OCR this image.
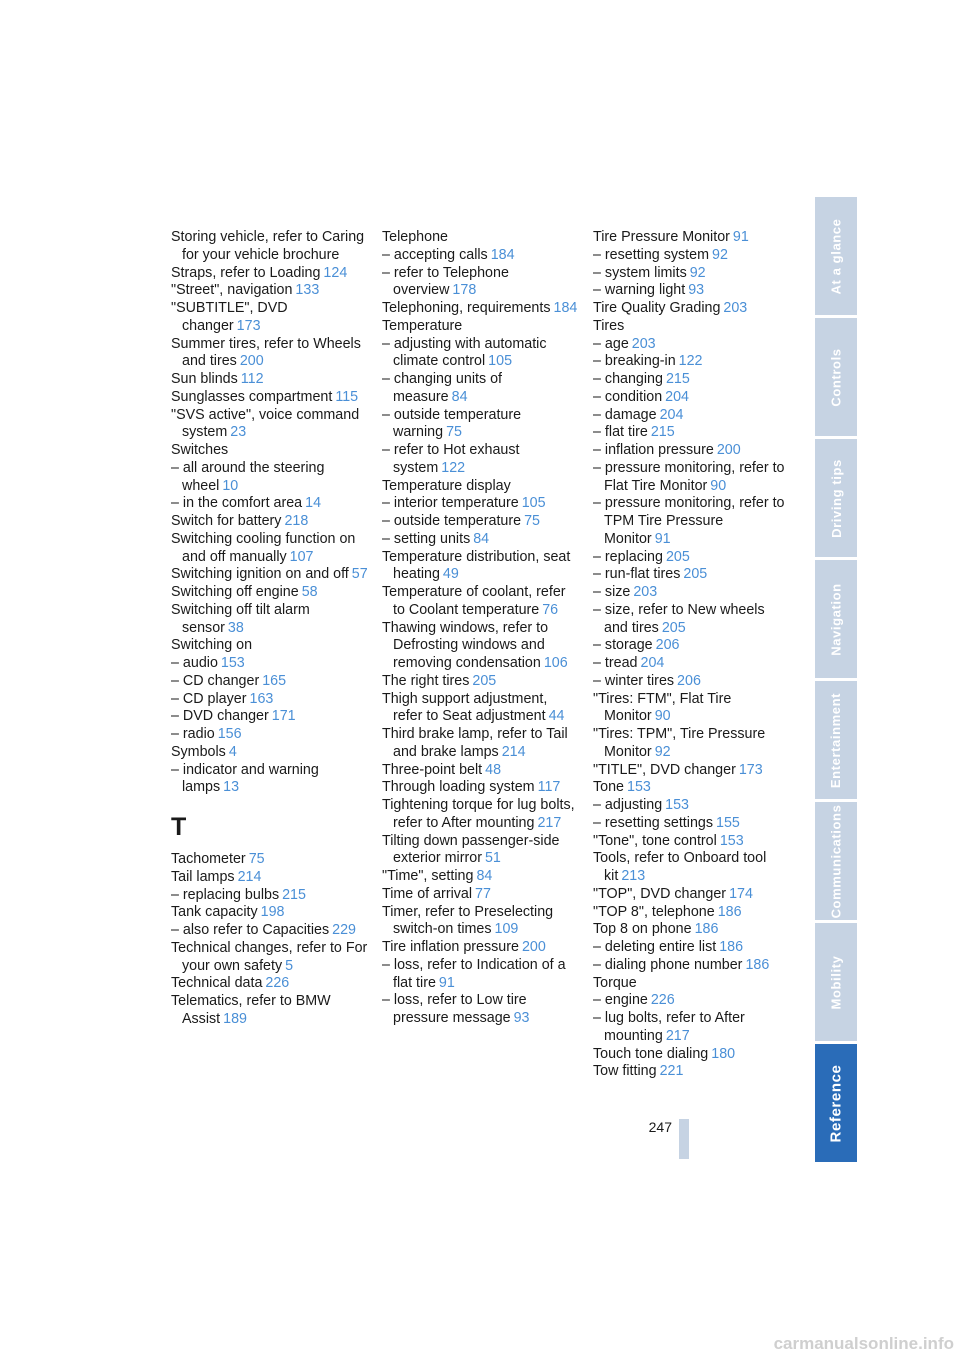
Storing vehicle, refer to Caring for your vehicle brochure
Straps, refer to Loading 124
"Street", navigation 133
"SUBTITLE", DVD changer 173
Summer tires, refer to Wheels and tires 200
Sun blinds 112
Sunglasses compartment 115
"SVS active", voice command system 23
Switches
– all around the steering wheel 10
– in the comfort area 14
Switch for battery 218
Switching cooling function on and off manually 107
Switching ignition on and off 57
Switching off engine 58
Switching off tilt alarm sensor 38
Switching on
– audio 153
– CD changer 165
– CD player 163
– DVD changer 171
– radio 156
Symbols 4
– indicator and warning lamps 13
T
Tachometer 75
Tail lamps 214
– replacing bulbs 215
Tank capacity 198
– also refer to Capacities 229
Technical changes, refer to For your own safety 5
Technical data 226
Telematics, refer to BMW Assist 189
Telephone
– accepting calls 184
– refer to Telephone overview 178
Telephoning, requirements 184
Temperature
– adjusting with automatic climate control 105
– changing units of measure 84
– outside temperature warning 75
– refer to Hot exhaust system 122
Temperature display
– interior temperature 105
– outside temperature 75
– setting units 84
Temperature distribution, seat heating 49
Temperature of coolant, refer to Coolant temperature 76
Thawing windows, refer to Defrosting windows and removing condensation 106
The right tires 205
Thigh support adjustment, refer to Seat adjustment 44
Third brake lamp, refer to Tail and brake lamps 214
Three-point belt 48
Through loading system 117
Tightening torque for lug bolts, refer to After mounting 217
Tilting down passenger-side exterior mirror 51
"Time", setting 84
Time of arrival 77
Timer, refer to Preselecting switch-on times 109
Tire inflation pressure 200
– loss, refer to Indication of a flat tire 91
– loss, refer to Low tire pressure message 93
Tire Pressure Monitor 91
– resetting system 92
– system limits 92
– warning light 93
Tire Quality Grading 203
Tires
– age 203
– breaking-in 122
– changing 215
– condition 204
– damage 204
– flat tire 215
– inflation pressure 200
– pressure monitoring, refer to Flat Tire Monitor 90
– pressure monitoring, refer to TPM Tire Pressure Monitor 91
– replacing 205
– run-flat tires 205
– size 203
– size, refer to New wheels and tires 205
– storage 206
– tread 204
– winter tires 206
"Tires: FTM", Flat Tire Monitor 90
"Tires: TPM", Tire Pressure Monitor 92
"TITLE", DVD changer 173
Tone 153
– adjusting 153
– resetting settings 155
"Tone", tone control 153
Tools, refer to Onboard tool kit 213
"TOP", DVD changer 174
"TOP 8", telephone 186
Top 8 on phone 186
– deleting entire list 186
– dialing phone number 186
Torque
– engine 226
– lug bolts, refer to After mounting 217
Touch tone dialing 180
Tow fitting 221
At a glance
Controls
Driving tips
Navigation
Entertainment
Communications
Mobility
Reference
247
carmanualsonline.info
